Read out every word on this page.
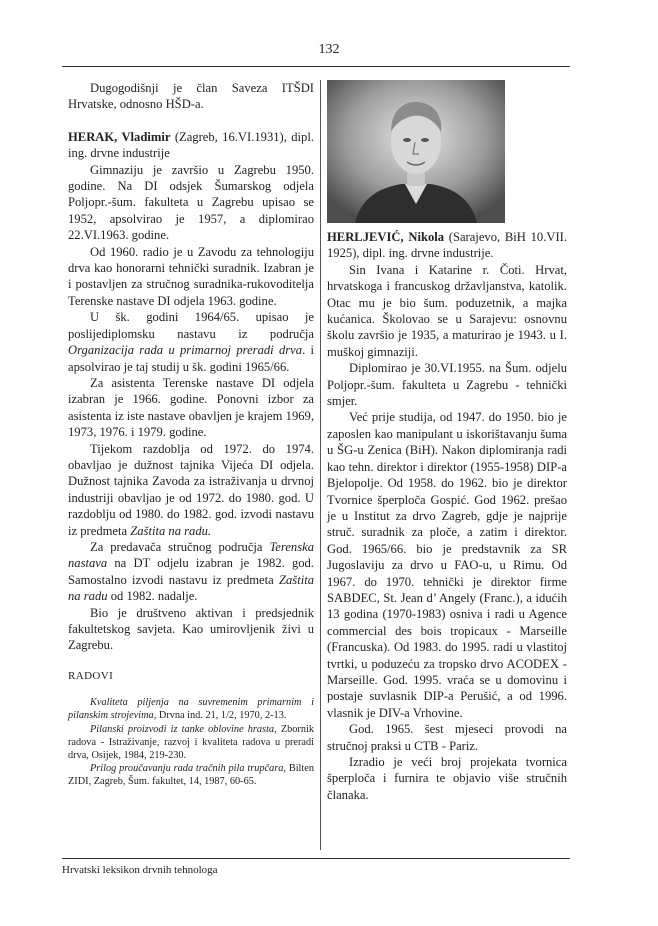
132

Dugogodišnji je član Saveza ITŠDI Hrvatske, odnosno HŠD-a.

HERAK, Vladimir (Zagreb, 16.VI.1931), dipl. ing. drvne industrije

Gimnaziju je završio u Zagrebu 1950. godine. Na DI odsjek Šumarskog odjela Poljopr.-šum. fakulteta u Zagrebu upisao se 1952, apsolvirao je 1957, a diplomirao 22.VI.1963. godine.

Od 1960. radio je u Zavodu za tehnologiju drva kao honorarni tehnički suradnik. Izabran je i postavljen za stručnog suradnika-rukovoditelja Terenske nastave DI odjela 1963. godine.

U šk. godini 1964/65. upisao je poslijediplomsku nastavu iz područja Organizacija rada u primarnoj preradi drva. i apsolvirao je taj studij u šk. godini 1965/66.

Za asistenta Terenske nastave DI odjela izabran je 1966. godine. Ponovni izbor za asistenta iz iste nastave obavljen je krajem 1969, 1973, 1976. i 1979. godine.

Tijekom razdoblja od 1972. do 1974. obavljao je dužnost tajnika Vijeća DI odjela. Dužnost tajnika Zavoda za istraživanja u drvnoj industriji obavljao je od 1972. do 1980. god. U razdoblju od 1980. do 1982. god. izvodi nastavu iz predmeta Zaštita na radu.

Za predavača stručnog područja Terenska nastava na DT odjelu izabran je 1982. god. Samostalno izvodi nastavu iz predmeta Zaštita na radu od 1982. nadalje.

Bio je društveno aktivan i predsjednik fakultetskog savjeta. Kao umirovljenik živi u Zagrebu.

RADOVI

Kvaliteta piljenja na suvremenim primarnim i pilanskim strojevima, Drvna ind. 21, 1/2, 1970, 2-13.

Pilanski proizvodi iz tanke oblovine hrasta, Zbornik radova - Istraživanje, razvoj i kvaliteta radova u preradi drva, Osijek, 1984, 219-230.

Prilog proučavanju rada tračnih pila trupčara, Bilten ZIDI, Zagreb, Šum. fakultet, 14, 1987, 60-65.

HERLJEVIĆ, Nikola (Sarajevo, BiH 10.VII. 1925), dipl. ing. drvne industrije.

Sin Ivana i Katarine r. Čoti. Hrvat, hrvatskoga i francuskog državljanstva, katolik. Otac mu je bio šum. poduzetnik, a majka kućanica. Školovao se u Sarajevu: osnovnu školu završio je 1935, a maturirao je 1943. u I. muškoj gimnaziji.

Diplomirao je 30.VI.1955. na Šum. odjelu Poljopr.-šum. fakulteta u Zagrebu - tehnički smjer.

Već prije studija, od 1947. do 1950. bio je zaposlen kao manipulant u iskorištavanju šuma u ŠG-u Zenica (BiH). Nakon diplomiranja radi kao tehn. direktor i direktor (1955-1958) DIP-a Bjelopolje. Od 1958. do 1962. bio je direktor Tvornice šperploča Gospić. God 1962. prešao je u Institut za drvo Zagreb, gdje je najprije struč. suradnik za ploče, a zatim i direktor. God. 1965/66. bio je predstavnik za SR Jugoslaviju za drvo u FAO-u, u Rimu. Od 1967. do 1970. tehnički je direktor firme SABDEC, St. Jean d’ Angely (Franc.), a idućih 13 godina (1970-1983) osniva i radi u Agence commercial des bois tropicaux - Marseille (Francuska). Od 1983. do 1995. radi u vlastitoj tvrtki, u poduzeću za tropsko drvo ACODEX - Marseille. God. 1995. vraća se u domovinu i postaje suvlasnik DIP-a Perušić, a od 1996. vlasnik je DIV-a Vrhovine.

God. 1965. šest mjeseci provodi na stručnoj praksi u CTB - Pariz.

Izradio je veći broj projekata tvornica šperploča i furnira te objavio više stručnih članaka.

Hrvatski leksikon drvnih tehnologa
